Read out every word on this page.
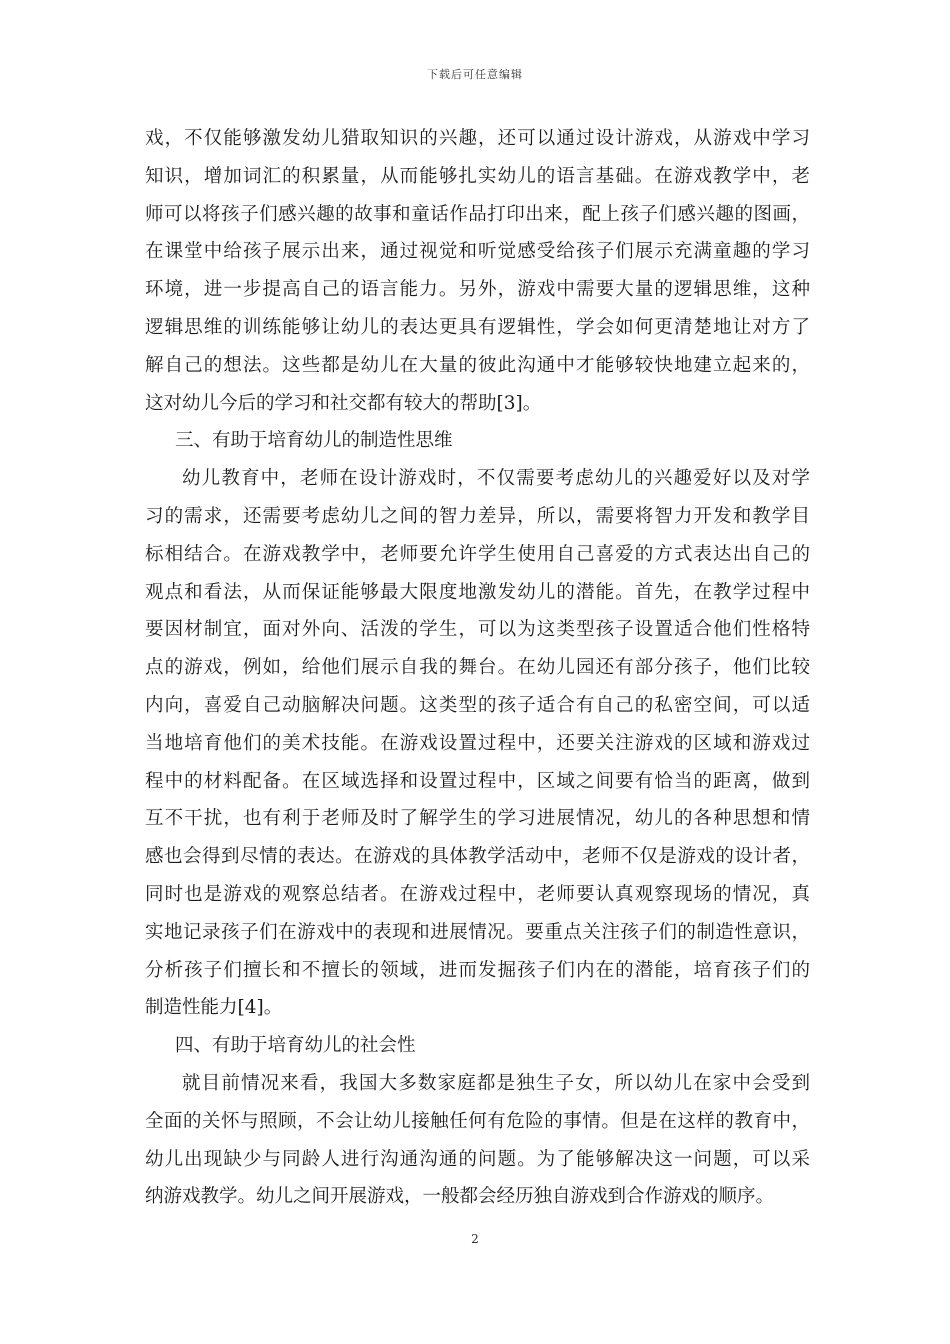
下载后可任意编辑
戏，不仅能够激发幼儿猎取知识的兴趣，还可以通过设计游戏，从游戏中学习
知识，增加词汇的积累量，从而能够扎实幼儿的语言基础。在游戏教学中，老
师可以将孩子们感兴趣的故事和童话作品打印出来，配上孩子们感兴趣的图画，
在课堂中给孩子展示出来，通过视觉和听觉感受给孩子们展示充满童趣的学习
环境，进一步提高自己的语言能力。另外，游戏中需要大量的逻辑思维，这种
逻辑思维的训练能够让幼儿的表达更具有逻辑性，学会如何更清楚地让对方了
解自己的想法。这些都是幼儿在大量的彼此沟通中才能够较快地建立起来的，
这对幼儿今后的学习和社交都有较大的帮助[3]。
三、有助于培育幼儿的制造性思维
幼儿教育中，老师在设计游戏时，不仅需要考虑幼儿的兴趣爱好以及对学
习的需求，还需要考虑幼儿之间的智力差异，所以，需要将智力开发和教学目
标相结合。在游戏教学中，老师要允许学生使用自己喜爱的方式表达出自己的
观点和看法，从而保证能够最大限度地激发幼儿的潜能。首先，在教学过程中
要因材制宜，面对外向、活泼的学生，可以为这类型孩子设置适合他们性格特
点的游戏，例如，给他们展示自我的舞台。在幼儿园还有部分孩子，他们比较
内向，喜爱自己动脑解决问题。这类型的孩子适合有自己的私密空间，可以适
当地培育他们的美术技能。在游戏设置过程中，还要关注游戏的区域和游戏过
程中的材料配备。在区域选择和设置过程中，区域之间要有恰当的距离，做到
互不干扰，也有利于老师及时了解学生的学习进展情况，幼儿的各种思想和情
感也会得到尽情的表达。在游戏的具体教学活动中，老师不仅是游戏的设计者，
同时也是游戏的观察总结者。在游戏过程中，老师要认真观察现场的情况，真
实地记录孩子们在游戏中的表现和进展情况。要重点关注孩子们的制造性意识，
分析孩子们擅长和不擅长的领域，进而发掘孩子们内在的潜能，培育孩子们的
制造性能力[4]。
四、有助于培育幼儿的社会性
就目前情况来看，我国大多数家庭都是独生子女，所以幼儿在家中会受到
全面的关怀与照顾，不会让幼儿接触任何有危险的事情。但是在这样的教育中，
幼儿出现缺少与同龄人进行沟通沟通的问题。为了能够解决这一问题，可以采
纳游戏教学。幼儿之间开展游戏，一般都会经历独自游戏到合作游戏的顺序。
2
